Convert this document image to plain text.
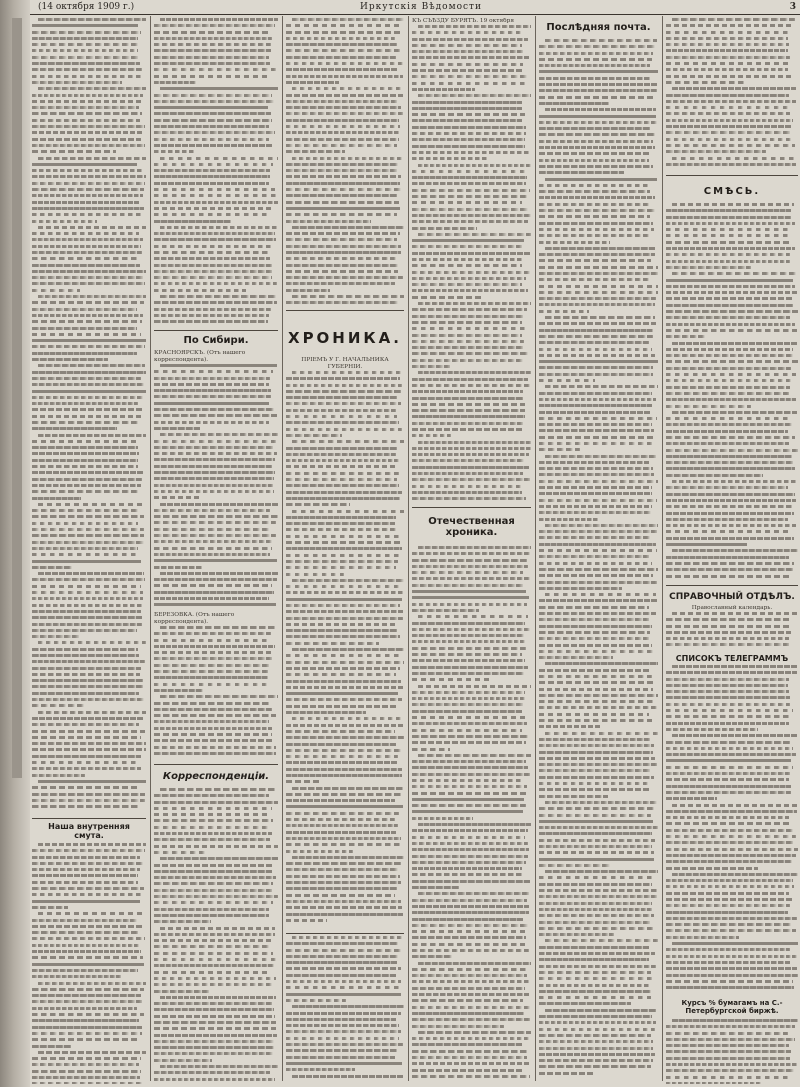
(14 октября 1909 г.)	Иркутскiя Вѣдомости	3
Наша внутренняя смута.
По Сибири.
КРАСНОЯРСКЪ. (Отъ нашего корреспондента).
БЕРЕЗОВКА. (Отъ нашего корреспондента).
Корреспонденцiи.
ХРОНИКА.
ПРIЕМЪ У Г. НАЧАЛЬНИКА ГУБЕРНIИ.
КЪ СЪѢЗДУ БУРЯТЪ. 19 октября
Отечественная хроника.
Послѣдняя почта.
СМѢСЬ.
СПРАВОЧНЫЙ ОТДѢЛЪ.
Православный календарь.
СПИСОКЪ ТЕЛЕГРАММЪ
Курсъ % бумагамъ на С.-Петербургской биржѣ.
